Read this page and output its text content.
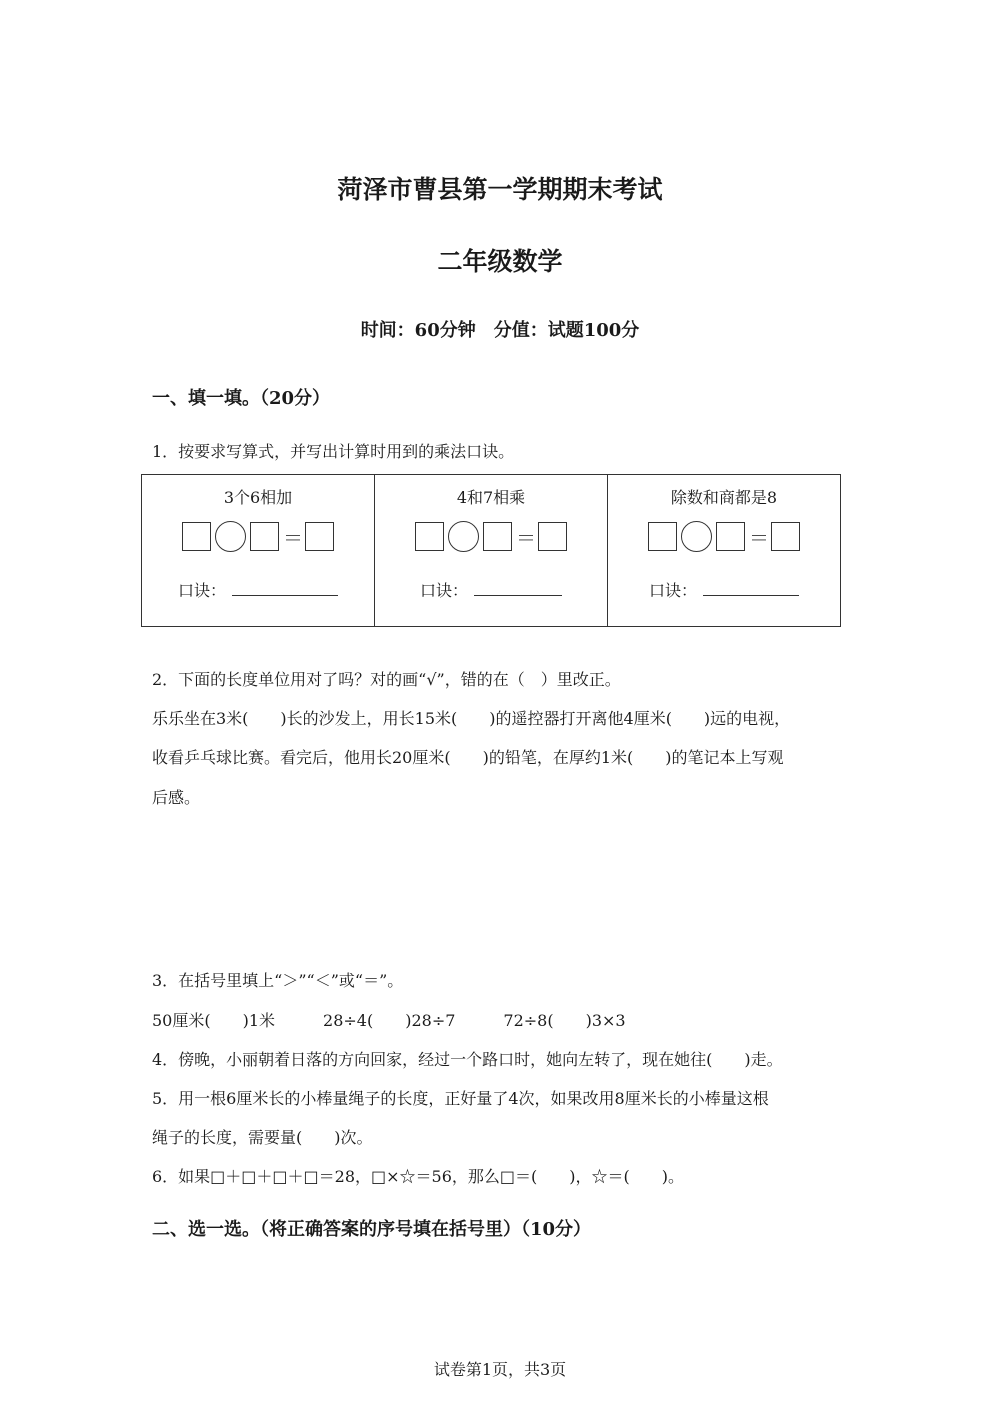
菏泽市曹县第一学期期末考试
二年级数学
时间：60分钟　分值：试题100分
一、填一填。（20分）
1．按要求写算式，并写出计算时用到的乘法口诀。
3个6相加
＝
口诀：

4和7相乘
＝
口诀：

除数和商都是8
＝
口诀：
2．下面的长度单位用对了吗？对的画“√”，错的在（　）里改正。
乐乐坐在3米(　　)长的沙发上，用长15米(　　)的遥控器打开离他4厘米(　　)远的电视，
收看乒乓球比赛。看完后，他用长20厘米(　　)的铅笔，在厚约1米(　　)的笔记本上写观
后感。
3．在括号里填上“＞”“＜”或“＝”。
50厘米(　　)1米　　　28÷4(　　)28÷7　　　72÷8(　　)3×3
4．傍晚，小丽朝着日落的方向回家，经过一个路口时，她向左转了，现在她往(　　)走。
5．用一根6厘米长的小棒量绳子的长度，正好量了4次，如果改用8厘米长的小棒量这根
绳子的长度，需要量(　　)次。
6．如果□＋□＋□＋□＝28，□×☆＝56，那么□＝(　　)，☆＝(　　)。
二、选一选。（将正确答案的序号填在括号里）（10分）
试卷第1页，共3页
